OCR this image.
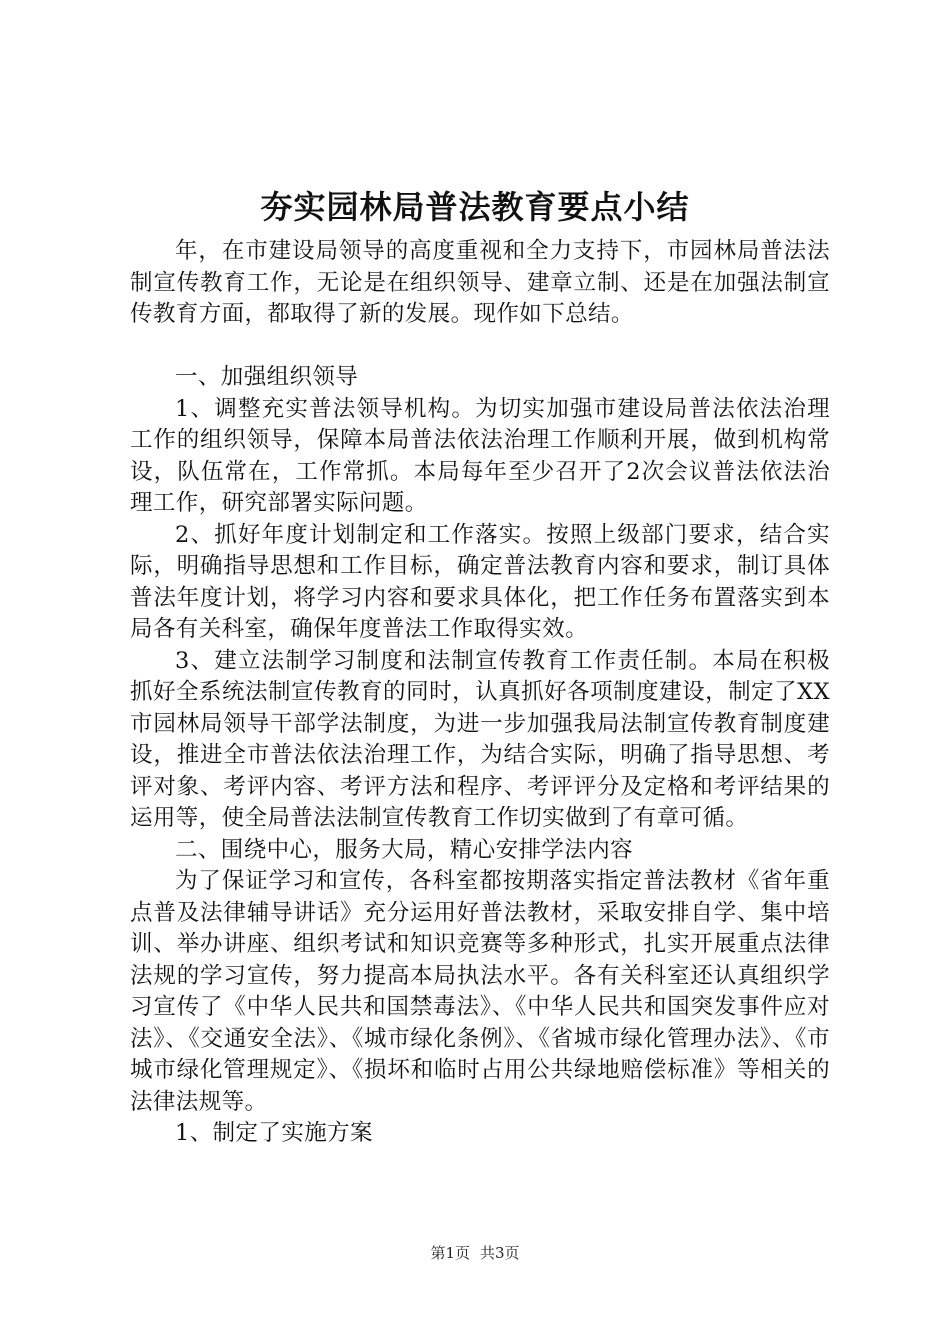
夯实园林局普法教育要点小结

年，在市建设局领导的高度重视和全力支持下，市园林局普法法制宣传教育工作，无论是在组织领导、建章立制、还是在加强法制宣传教育方面，都取得了新的发展。现作如下总结。

一、加强组织领导

1、调整充实普法领导机构。为切实加强市建设局普法依法治理工作的组织领导，保障本局普法依法治理工作顺利开展，做到机构常设，队伍常在，工作常抓。本局每年至少召开了2次会议普法依法治理工作，研究部署实际问题。

2、抓好年度计划制定和工作落实。按照上级部门要求，结合实际，明确指导思想和工作目标，确定普法教育内容和要求，制订具体普法年度计划，将学习内容和要求具体化，把工作任务布置落实到本局各有关科室，确保年度普法工作取得实效。

3、建立法制学习制度和法制宣传教育工作责任制。本局在积极抓好全系统法制宣传教育的同时，认真抓好各项制度建设，制定了XX市园林局领导干部学法制度，为进一步加强我局法制宣传教育制度建设，推进全市普法依法治理工作，为结合实际，明确了指导思想、考评对象、考评内容、考评方法和程序、考评评分及定格和考评结果的运用等，使全局普法法制宣传教育工作切实做到了有章可循。

二、围绕中心，服务大局，精心安排学法内容

为了保证学习和宣传，各科室都按期落实指定普法教材《省年重点普及法律辅导讲话》充分运用好普法教材，采取安排自学、集中培训、举办讲座、组织考试和知识竞赛等多种形式，扎实开展重点法律法规的学习宣传，努力提高本局执法水平。各有关科室还认真组织学习宣传了《中华人民共和国禁毒法》、《中华人民共和国突发事件应对法》、《交通安全法》、《城市绿化条例》、《省城市绿化管理办法》、《市城市绿化管理规定》、《损坏和临时占用公共绿地赔偿标准》等相关的法律法规等。

1、制定了实施方案

第1页 共3页
